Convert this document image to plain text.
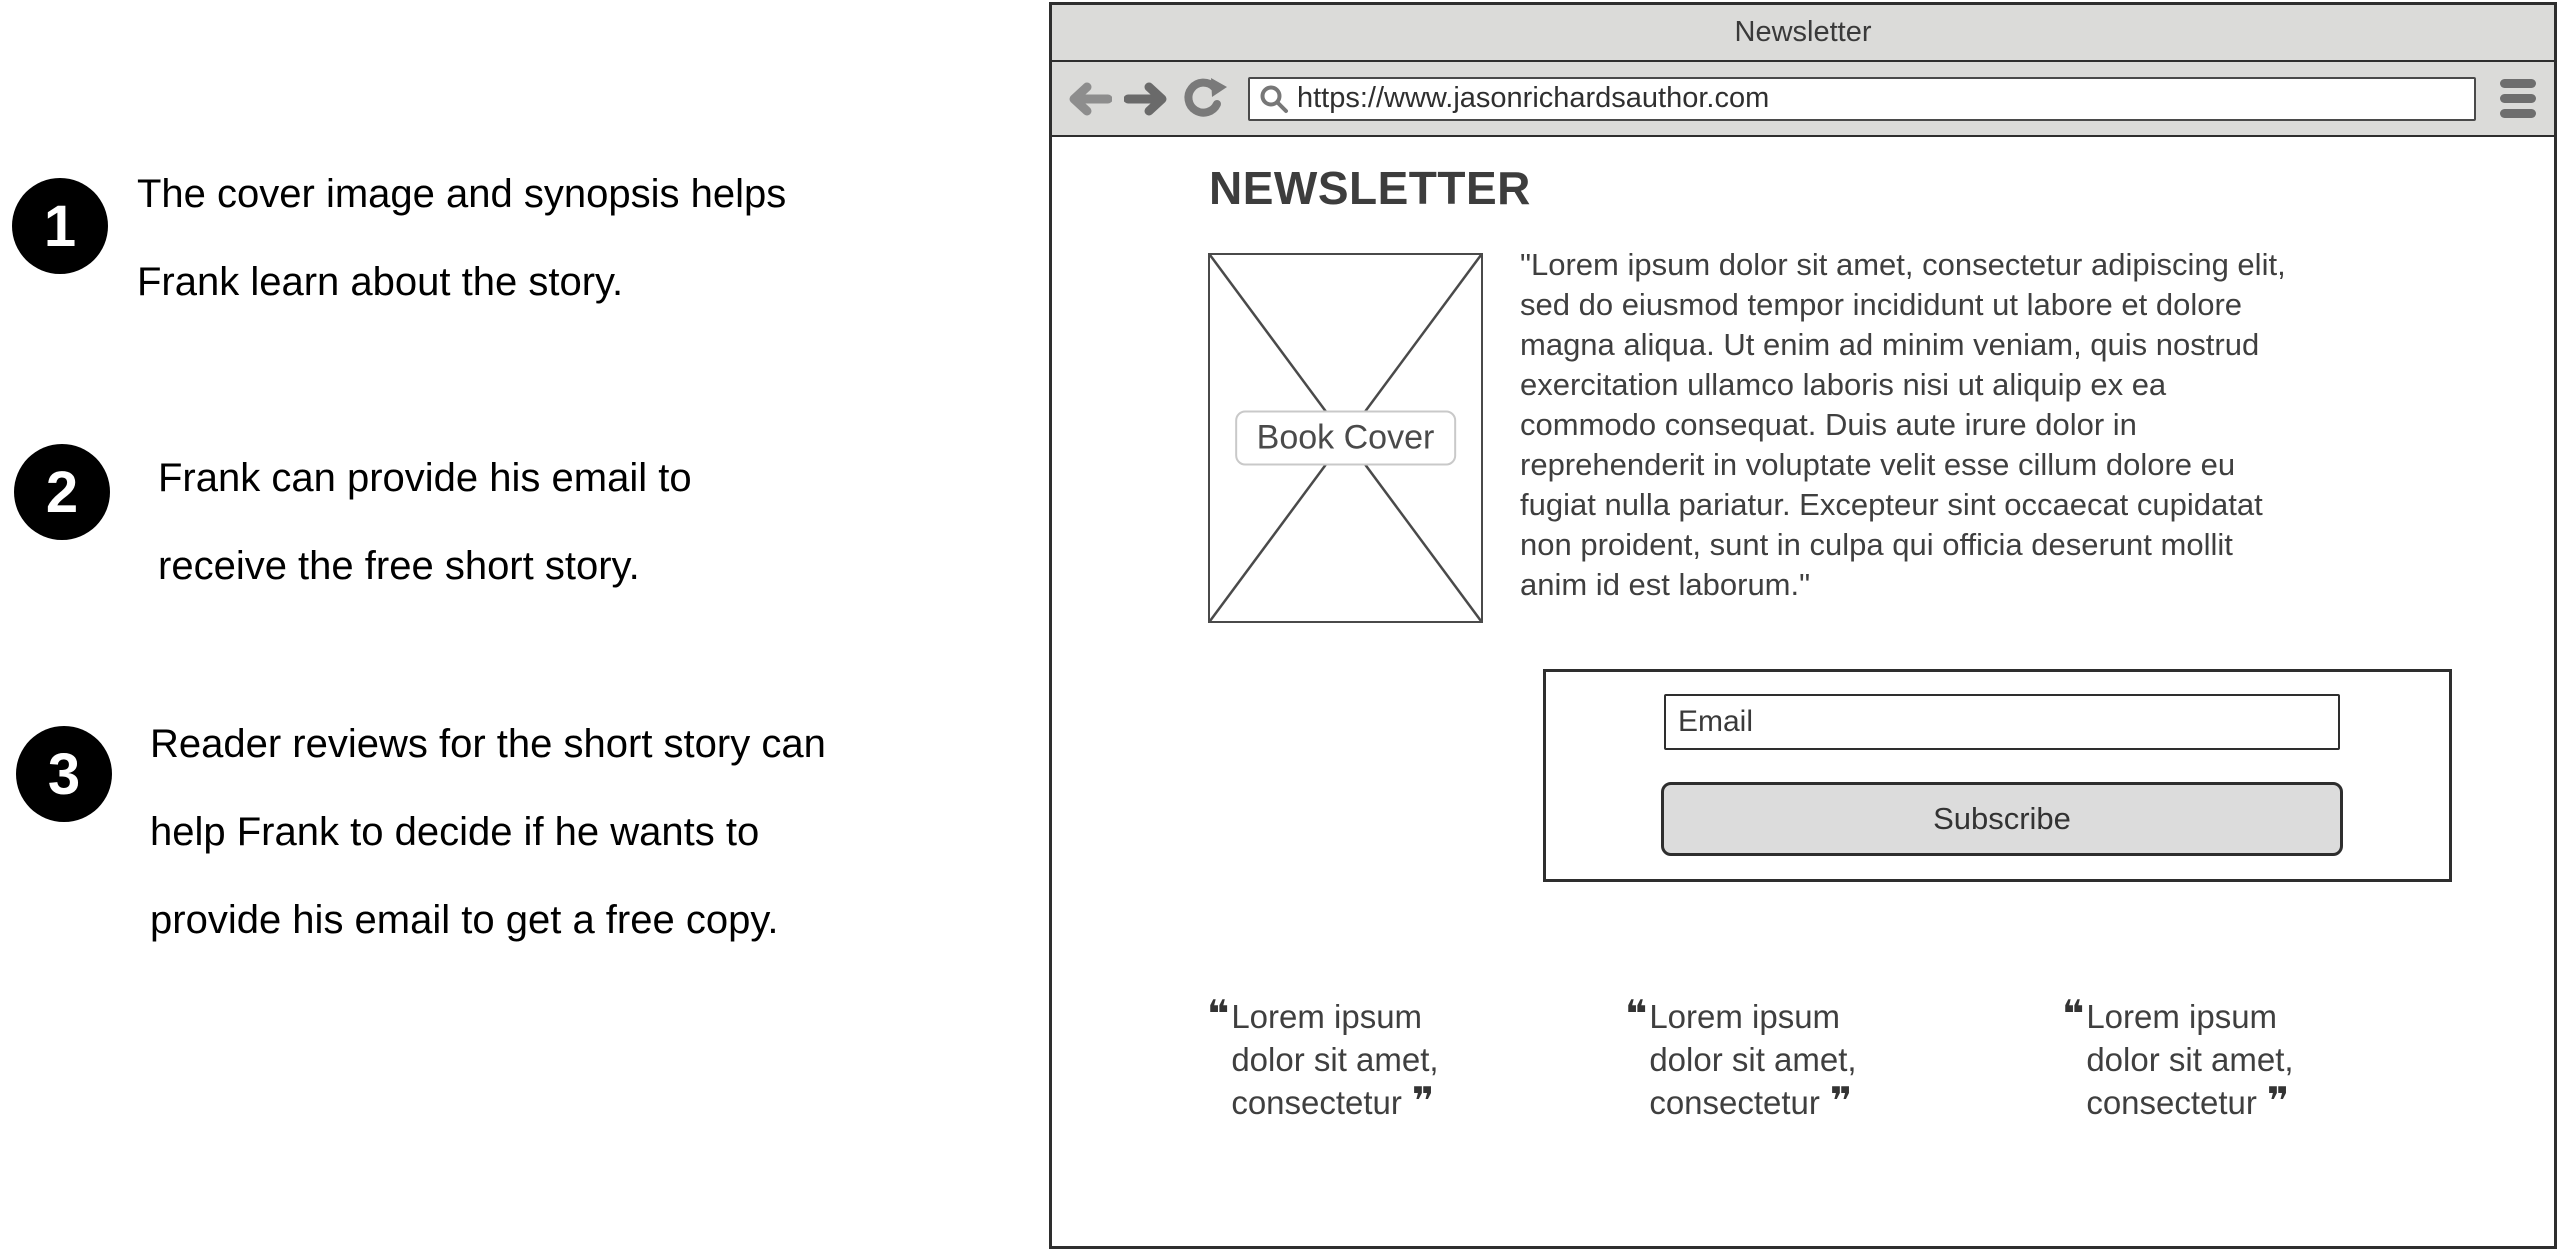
1 The cover image and synopsis helps
Frank learn about the story.
2 Frank can provide his email to
receive the free short story.
3 Reader reviews for the short story can
help Frank to decide if he wants to
provide his email to get a free copy.
Newsletter
https://www.jasonrichardsauthor.com
NEWSLETTER
Book Cover
"Lorem ipsum dolor sit amet, consectetur adipiscing elit,
sed do eiusmod tempor incididunt ut labore et dolore
magna aliqua. Ut enim ad minim veniam, quis nostrud
exercitation ullamco laboris nisi ut aliquip ex ea
commodo consequat. Duis aute irure dolor in
reprehenderit in voluptate velit esse cillum dolore eu
fugiat nulla pariatur. Excepteur sint occaecat cupidatat
non proident, sunt in culpa qui officia deserunt mollit
anim id est laborum."
Email
Subscribe
❝ Lorem ipsum
dolor sit amet,
consectetur ❞
❝ Lorem ipsum
dolor sit amet,
consectetur ❞
❝ Lorem ipsum
dolor sit amet,
consectetur ❞
